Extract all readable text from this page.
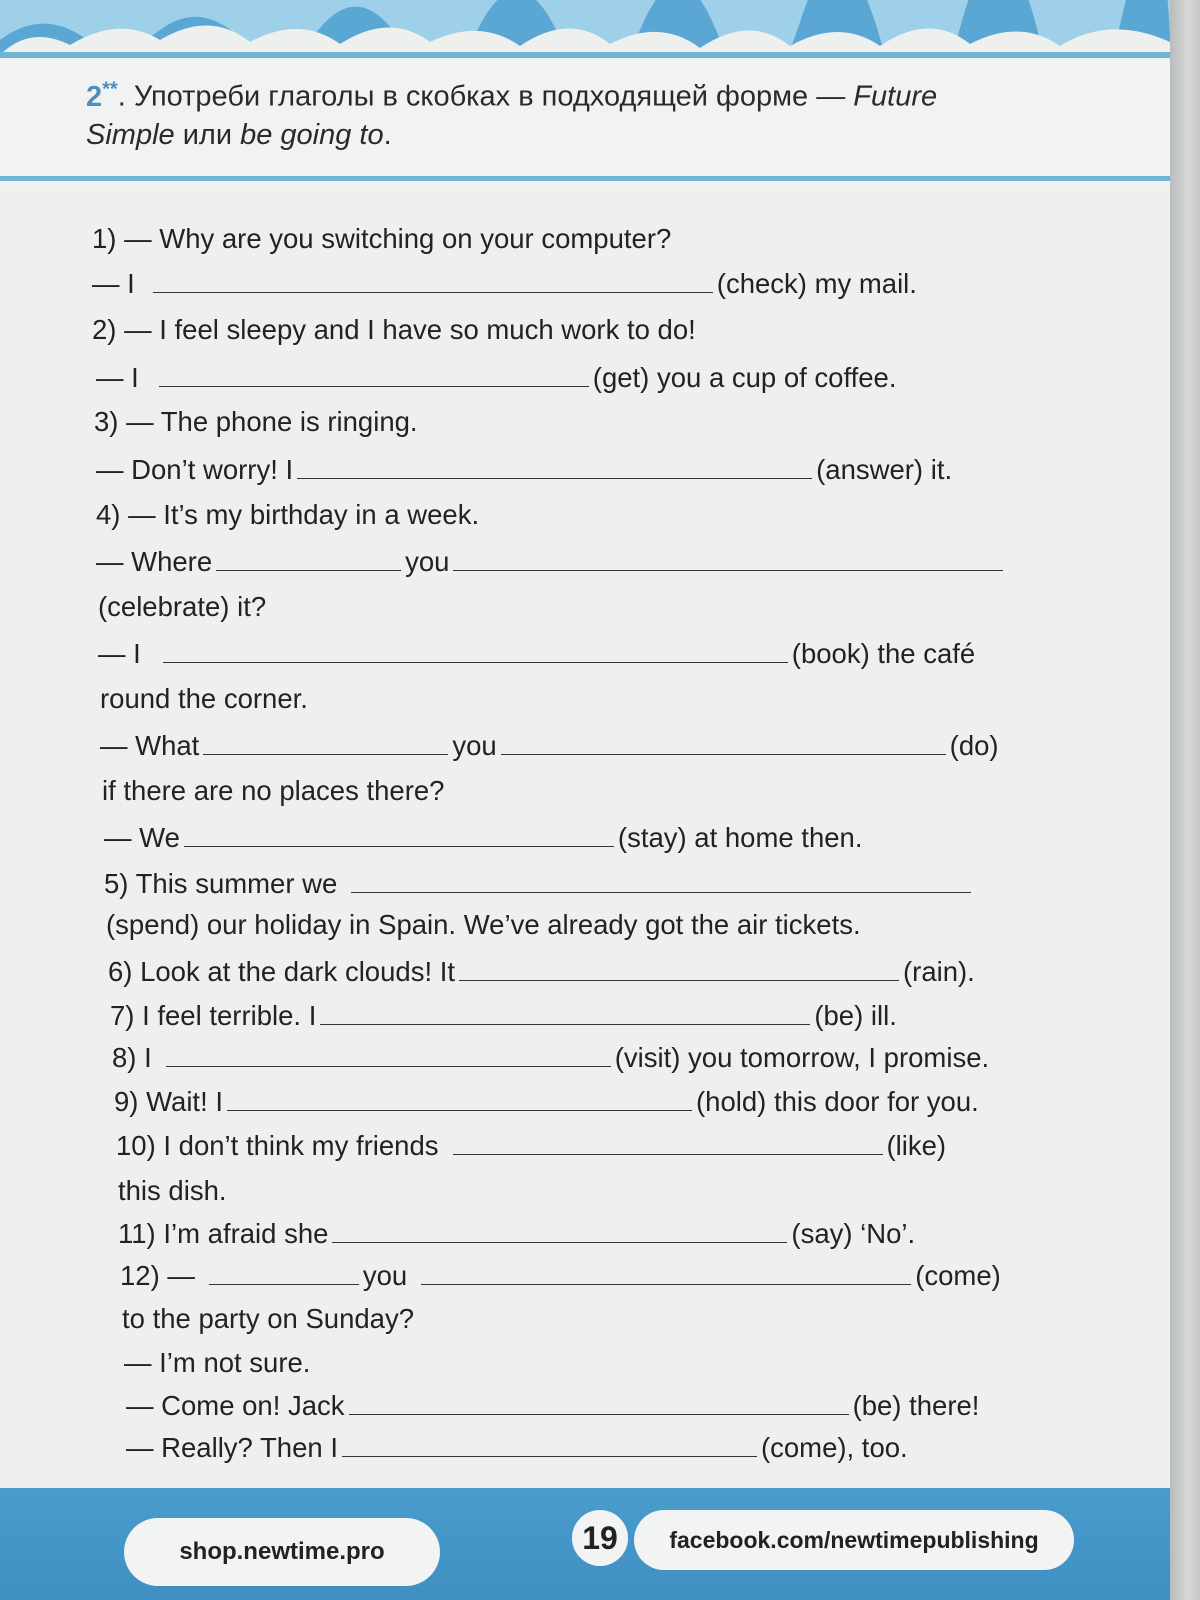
2**. Употреби глаголы в скобках в подходящей форме — Future
Simple или be going to.
1) — Why are you switching on your computer?
— I	(check) my mail.
2) — I feel sleepy and I have so much work to do!
— I	(get) you a cup of coffee.
3) — The phone is ringing.
— Don’t worry! I	(answer) it.
4) — It’s my birthday in a week.
— Where	you
(celebrate) it?
— I	(book) the café
round the corner.
— What	you	(do)
if there are no places there?
— We	(stay) at home then.
5) This summer we
(spend) our holiday in Spain. We’ve already got the air tickets.
6) Look at the dark clouds! It	(rain).
7) I feel terrible. I	(be) ill.
8) I	(visit) you tomorrow, I promise.
9) Wait! I	(hold) this door for you.
10) I don’t think my friends	(like)
this dish.
11) I’m afraid she	(say) ‘No’.
12) —	you	(come)
to the party on Sunday?
— I’m not sure.
— Come on! Jack	(be) there!
— Really? Then I	(come), too.
shop.newtime.pro	19 facebook.com/newtimepublishing
